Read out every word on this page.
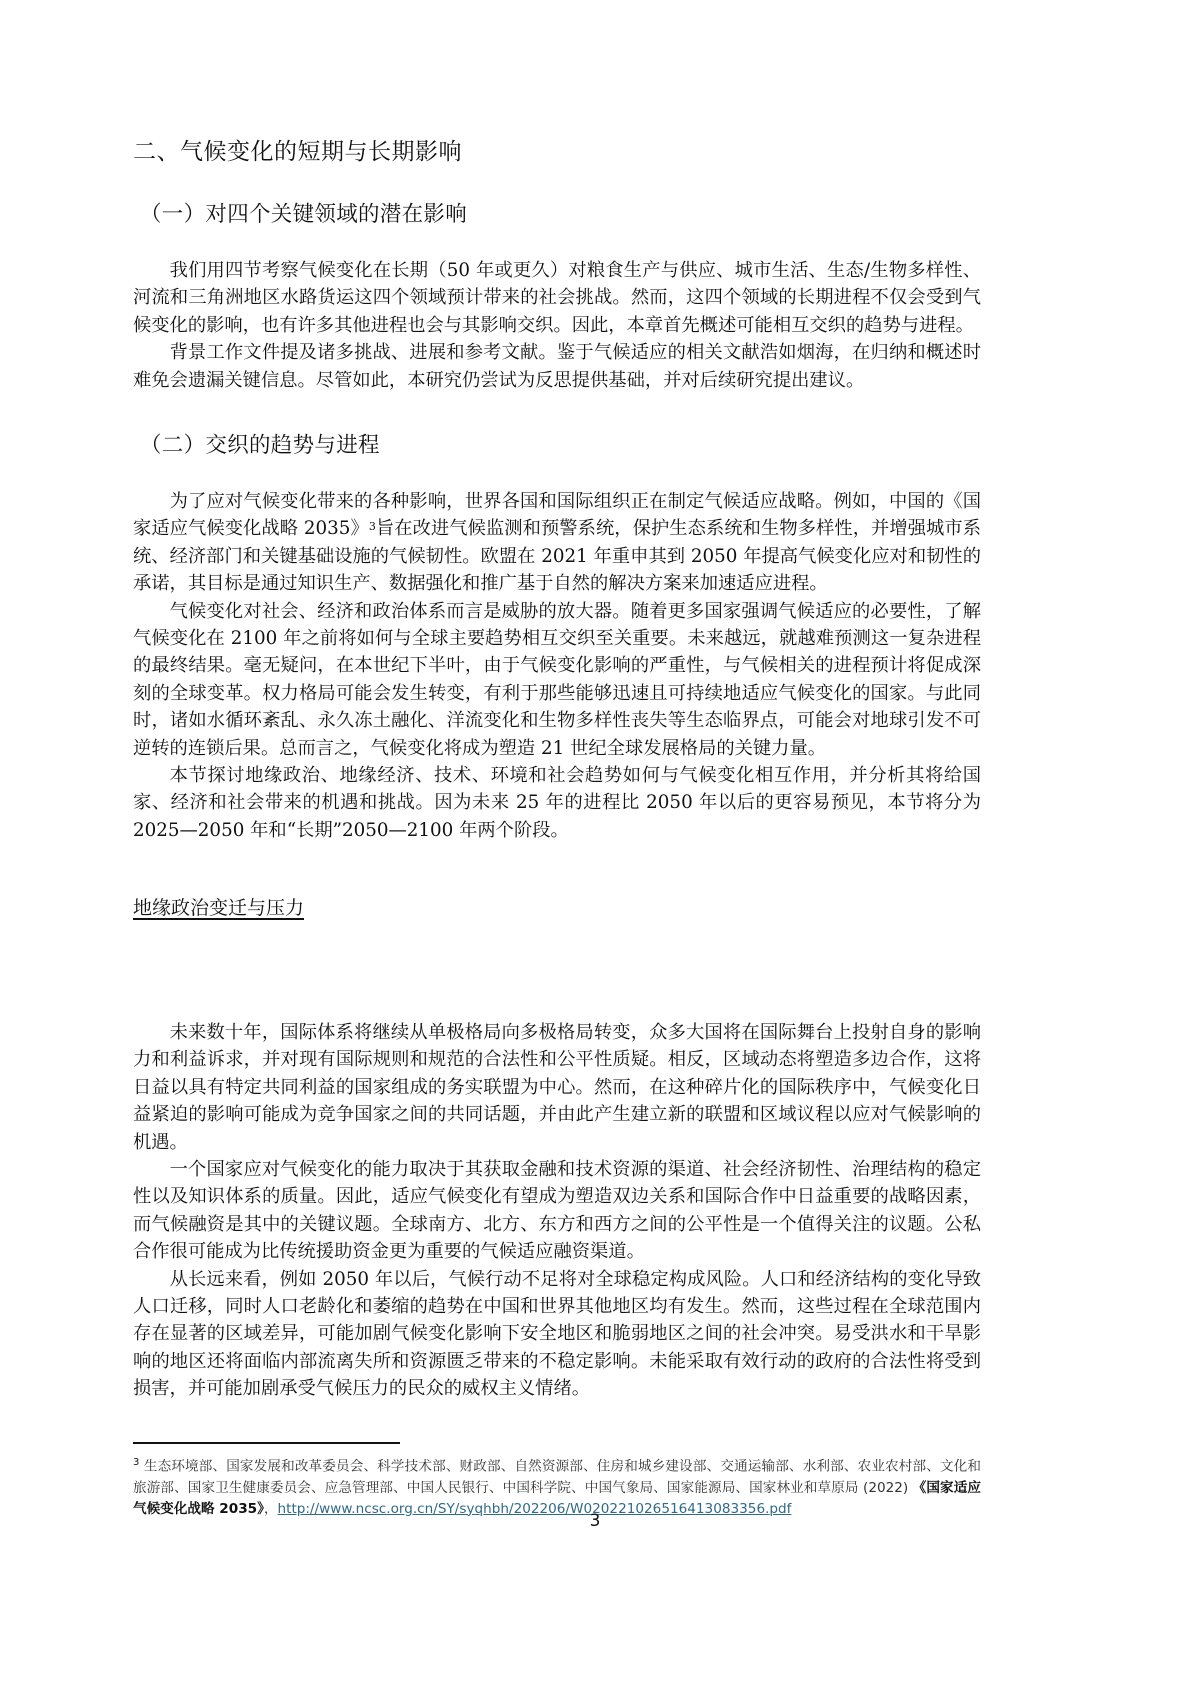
二、气候变化的短期与长期影响
（一）对四个关键领域的潜在影响

我们用四节考察气候变化在长期（50 年或更久）对粮食生产与供应、城市生活、生态/生物多样性、河流和三角洲地区水路货运这四个领域预计带来的社会挑战。然而，这四个领域的长期进程不仅会受到气候变化的影响，也有许多其他进程也会与其影响交织。因此，本章首先概述可能相互交织的趋势与进程。

背景工作文件提及诸多挑战、进展和参考文献。鉴于气候适应的相关文献浩如烟海，在归纳和概述时难免会遗漏关键信息。尽管如此，本研究仍尝试为反思提供基础，并对后续研究提出建议。

（二）交织的趋势与进程

为了应对气候变化带来的各种影响，世界各国和国际组织正在制定气候适应战略。例如，中国的《国家适应气候变化战略 2035》$^3$旨在改进气候监测和预警系统，保护生态系统和生物多样性，并增强城市系统、经济部门和关键基础设施的气候韧性。欧盟在 2021 年重申其到 2050 年提高气候变化应对和韧性的承诺，其目标是通过知识生产、数据强化和推广基于自然的解决方案来加速适应进程。

气候变化对社会、经济和政治体系而言是威胁的放大器。随着更多国家强调气候适应的必要性，了解气候变化在 2100 年之前将如何与全球主要趋势相互交织至关重要。未来越远，就越难预测这一复杂进程的最终结果。毫无疑问，在本世纪下半叶，由于气候变化影响的严重性，与气候相关的进程预计将促成深刻的全球变革。权力格局可能会发生转变，有利于那些能够迅速且可持续地适应气候变化的国家。与此同时，诸如水循环紊乱、永久冻土融化、洋流变化和生物多样性丧失等生态临界点，可能会对地球引发不可逆转的连锁后果。总而言之，气候变化将成为塑造 21 世纪全球发展格局的关键力量。

本节探讨地缘政治、地缘经济、技术、环境和社会趋势如何与气候变化相互作用，并分析其将给国家、经济和社会带来的机遇和挑战。因为未来 25 年的进程比 2050 年以后的更容易预见，本节将分为 2025—2050 年和“长期”2050—2100 年两个阶段。

地缘政治变迁与压力

未来数十年，国际体系将继续从单极格局向多极格局转变，众多大国将在国际舞台上投射自身的影响力和利益诉求，并对现有国际规则和规范的合法性和公平性质疑。相反，区域动态将塑造多边合作，这将日益以具有特定共同利益的国家组成的务实联盟为中心。然而，在这种碎片化的国际秩序中，气候变化日益紧迫的影响可能成为竞争国家之间的共同话题，并由此产生建立新的联盟和区域议程以应对气候影响的机遇。

一个国家应对气候变化的能力取决于其获取金融和技术资源的渠道、社会经济韧性、治理结构的稳定性以及知识体系的质量。因此，适应气候变化有望成为塑造双边关系和国际合作中日益重要的战略因素，而气候融资是其中的关键议题。全球南方、北方、东方和西方之间的公平性是一个值得关注的议题。公私合作很可能成为比传统援助资金更为重要的气候适应融资渠道。

从长远来看，例如 2050 年以后，气候行动不足将对全球稳定构成风险。人口和经济结构的变化导致人口迁移，同时人口老龄化和萎缩的趋势在中国和世界其他地区均有发生。然而，这些过程在全球范围内存在显著的区域差异，可能加剧气候变化影响下安全地区和脆弱地区之间的社会冲突。易受洪水和干旱影响的地区还将面临内部流离失所和资源匮乏带来的不稳定影响。未能采取有效行动的政府的合法性将受到损害，并可能加剧承受气候压力的民众的威权主义情绪。

$^3$ 生态环境部、国家发展和改革委员会、科学技术部、财政部、自然资源部、住房和城乡建设部、交通运输部、水利部、农业农村部、文化和旅游部、国家卫生健康委员会、应急管理部、中国人民银行、中国科学院、中国气象局、国家能源局、国家林业和草原局 (2022) 《国家适应气候变化战略 2035》，http://www.ncsc.org.cn/SY/syqhbh/202206/W020221026516413083356.pdf
3
